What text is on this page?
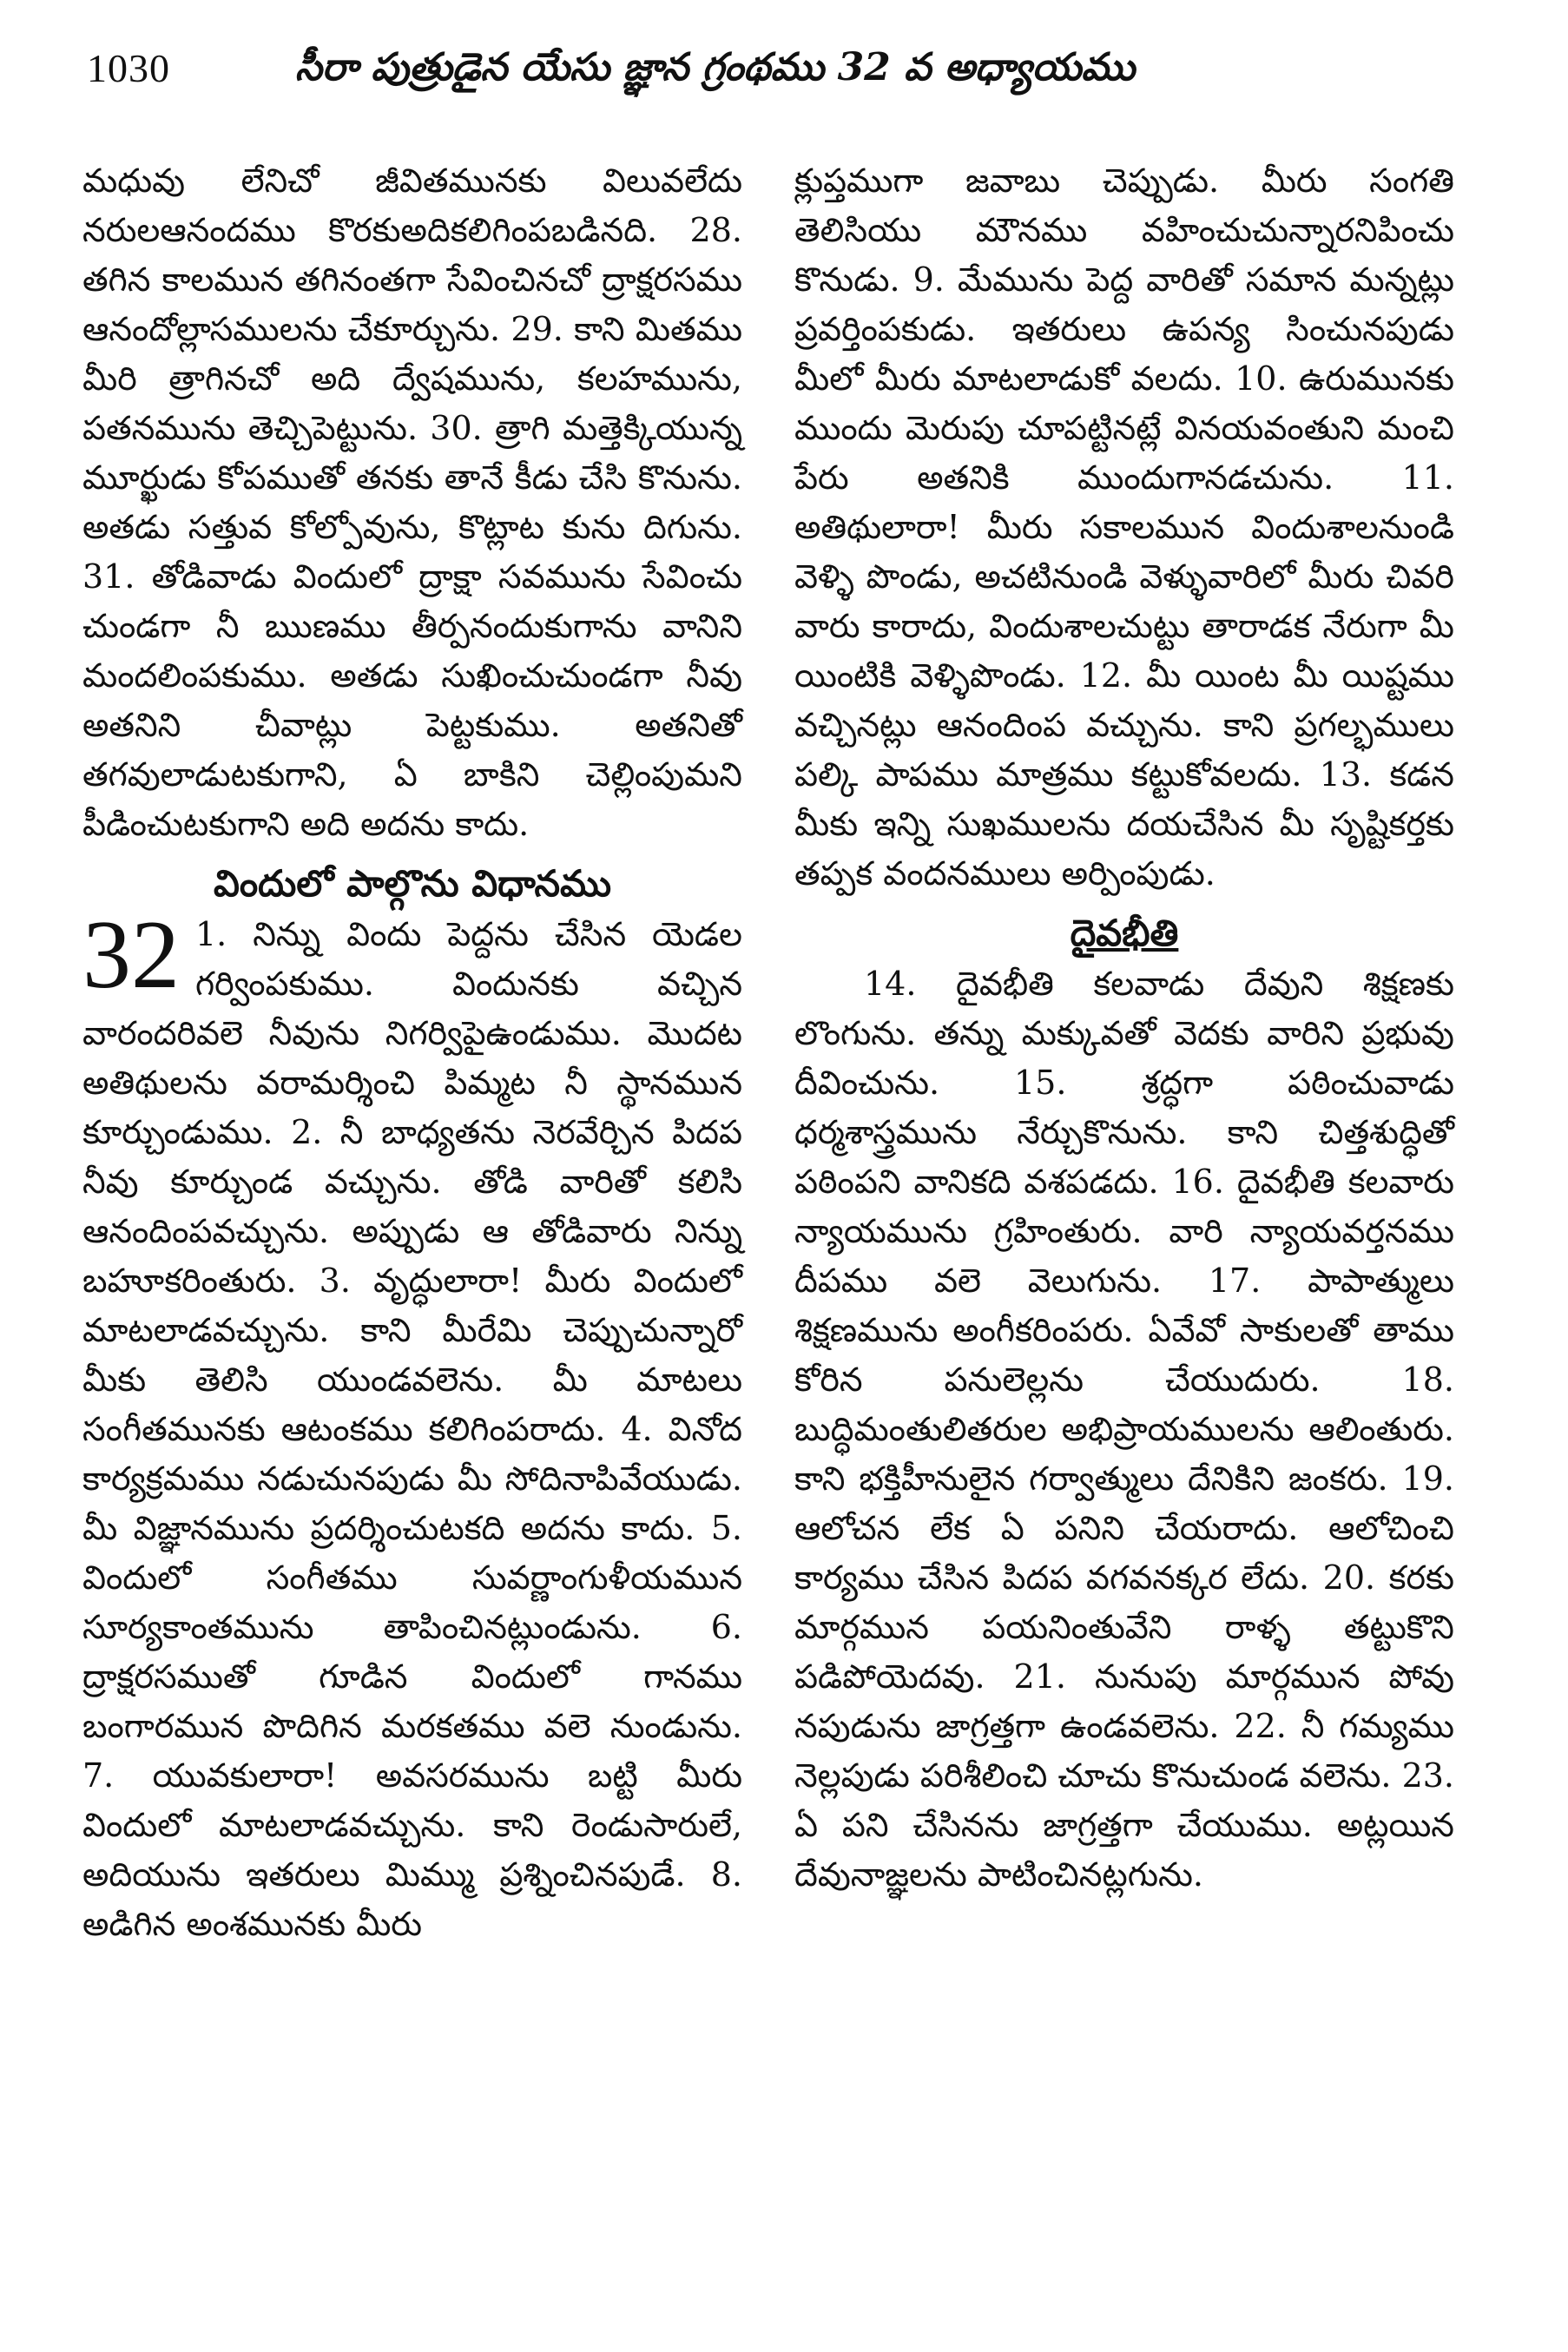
1030	సీరా పుత్రుడైన యేసు జ్ఞాన గ్రంథము 32 వ అధ్యాయము

మధువు లేనిచో జీవితమునకు విలువలేదు నరులఆనందము కొరకుఅదికలిగింపబడినది. 28. తగిన కాలమున తగినంతగా సేవించినచో ద్రాక్షరసము ఆనందోల్లాసములను చేకూర్చును. 29. కాని మితము మీరి త్రాగినచో అది ద్వేషమును, కలహమును, పతనమును తెచ్చిపెట్టును. 30. త్రాగి మత్తెక్కియున్న మూర్ఖుడు కోపముతో తనకు తానే కీడు చేసి కొనును. అతడు సత్తువ కోల్పోవును, కొట్లాట కును దిగును. 31. తోడివాడు విందులో ద్రాక్షా సవమును సేవించు చుండగా నీ ఋణము తీర్పనందుకుగాను వానిని మందలింపకుము. అతడు సుఖించుచుండగా నీవు అతనిని చీవాట్లు పెట్టకుము. అతనితో తగవులాడుటకుగాని, ఏ బాకిని చెల్లింపుమని పీడించుటకుగాని అది అదను కాదు.

విందులో పాల్గొను విధానము
32 1. నిన్ను విందు పెద్దను చేసిన యెడల గర్వింపకుము. విందునకు వచ్చిన వారందరివలె నీవును నిగర్విపైఉండుము. మొదట అతిథులను వరామర్శించి పిమ్మట నీ స్థానమున కూర్చుండుము. 2. నీ బాధ్యతను నెరవేర్చిన పిదప నీవు కూర్చుండ వచ్చును. తోడి వారితో కలిసి ఆనందింపవచ్చును. అప్పుడు ఆ తోడివారు నిన్ను బహూకరింతురు. 3. వృద్ధులారా! మీరు విందులో మాటలాడవచ్చును. కాని మీరేమి చెప్పుచున్నారో మీకు తెలిసి యుండవలెను. మీ మాటలు సంగీతమునకు ఆటంకము కలిగింపరాదు. 4. వినోద కార్యక్రమము నడుచునపుడు మీ సోదినాపివేయుడు. మీ విజ్ఞానమును ప్రదర్శించుటకది అదను కాదు. 5. విందులో సంగీతము సువర్ణాంగుళీయమున సూర్యకాంతమును తాపించినట్లుండును. 6. ద్రాక్షరసముతో గూడిన విందులో గానము బంగారమున పొదిగిన మరకతము వలె నుండును. 7. యువకులారా! అవసరమును బట్టి మీరు విందులో మాటలాడవచ్చును. కాని రెండుసారులే, అదియును ఇతరులు మిమ్ము ప్రశ్నించినపుడే. 8. అడిగిన అంశమునకు మీరు

క్లుప్తముగా జవాబు చెప్పుడు. మీరు సంగతి తెలిసియు మౌనము వహించుచున్నారనిపించు కొనుడు. 9. మేమును పెద్ద వారితో సమాన మన్నట్లు ప్రవర్తింపకుడు. ఇతరులు ఉపన్య సించునపుడు మీలో మీరు మాటలాడుకో వలదు. 10. ఉరుమునకు ముందు మెరుపు చూపట్టినట్లే వినయవంతుని మంచి పేరు అతనికి ముందుగానడచును. 11. అతిథులారా! మీరు సకాలమున విందుశాలనుండి వెళ్ళి పొండు, అచటినుండి వెళ్ళువారిలో మీరు చివరి వారు కారాదు, విందుశాలచుట్టు తారాడక నేరుగా మీ యింటికి వెళ్ళిపొండు. 12. మీ యింట మీ యిష్టము వచ్చినట్లు ఆనందింప వచ్చును. కాని ప్రగల్భములు పల్కి పాపము మాత్రము కట్టుకోవలదు. 13. కడన మీకు ఇన్ని సుఖములను దయచేసిన మీ సృష్టికర్తకు తప్పక వందనములు అర్పింపుడు.

దైవభీతి

14. దైవభీతి కలవాడు దేవుని శిక్షణకు లొంగును. తన్ను మక్కువతో వెదకు వారిని ప్రభువు దీవించును. 15. శ్రద్ధగా పఠించువాడు ధర్మశాస్త్రమును నేర్చుకొనును. కాని చిత్తశుద్ధితో పఠింపని వానికది వశపడదు. 16. దైవభీతి కలవారు న్యాయమును గ్రహింతురు. వారి న్యాయవర్తనము దీపము వలె వెలుగును. 17. పాపాత్ములు శిక్షణమును అంగీకరింపరు. ఏవేవో సాకులతో తాము కోరిన పనులెల్లను చేయుదురు. 18. బుద్ధిమంతులితరుల అభిప్రాయములను ఆలింతురు. కాని భక్తిహీనులైన గర్వాత్ములు దేనికిని జంకరు. 19. ఆలోచన లేక ఏ పనిని చేయరాదు. ఆలోచించి కార్యము చేసిన పిదప వగవనక్కర లేదు. 20. కరకు మార్గమున పయనింతువేని రాళ్ళ తట్టుకొని పడిపోయెదవు. 21. నునుపు మార్గమున పోవు నపుడును జాగ్రత్తగా ఉండవలెను. 22. నీ గమ్యము నెల్లపుడు పరిశీలించి చూచు కొనుచుండ వలెను. 23. ఏ పని చేసినను జాగ్రత్తగా చేయుము. అట్లయిన దేవునాజ్ఞలను పాటించినట్లగును.
